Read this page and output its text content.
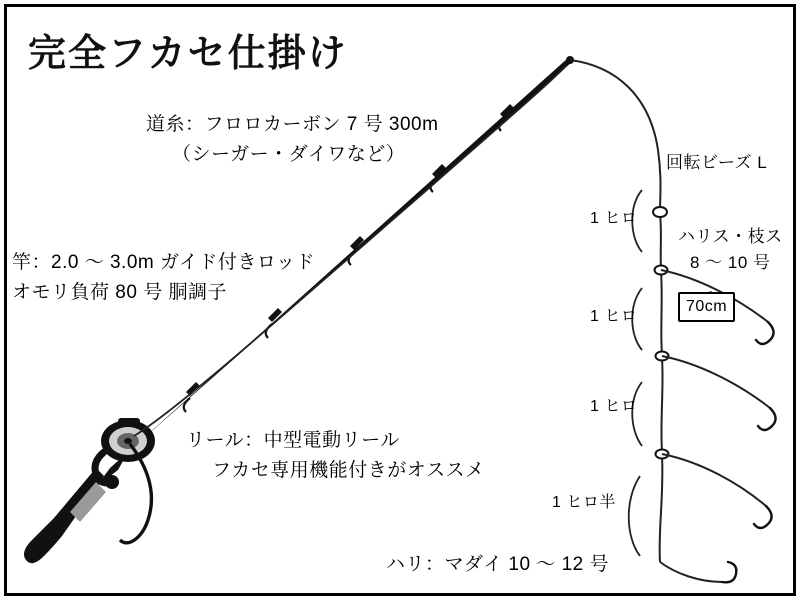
完全フカセ仕掛け
道糸：フロロカーボン 7 号 300m
（シーガー・ダイワなど）
竿：2.0 ～ 3.0m ガイド付きロッド
オモリ負荷 80 号 胴調子
リール：中型電動リール
フカセ専用機能付きがオススメ
回転ビーズ L
ハリス・枝ス
8 ～ 10 号
70cm
1 ヒロ
1 ヒロ
1 ヒロ
1 ヒロ半
ハリ：マダイ 10 ～ 12 号
